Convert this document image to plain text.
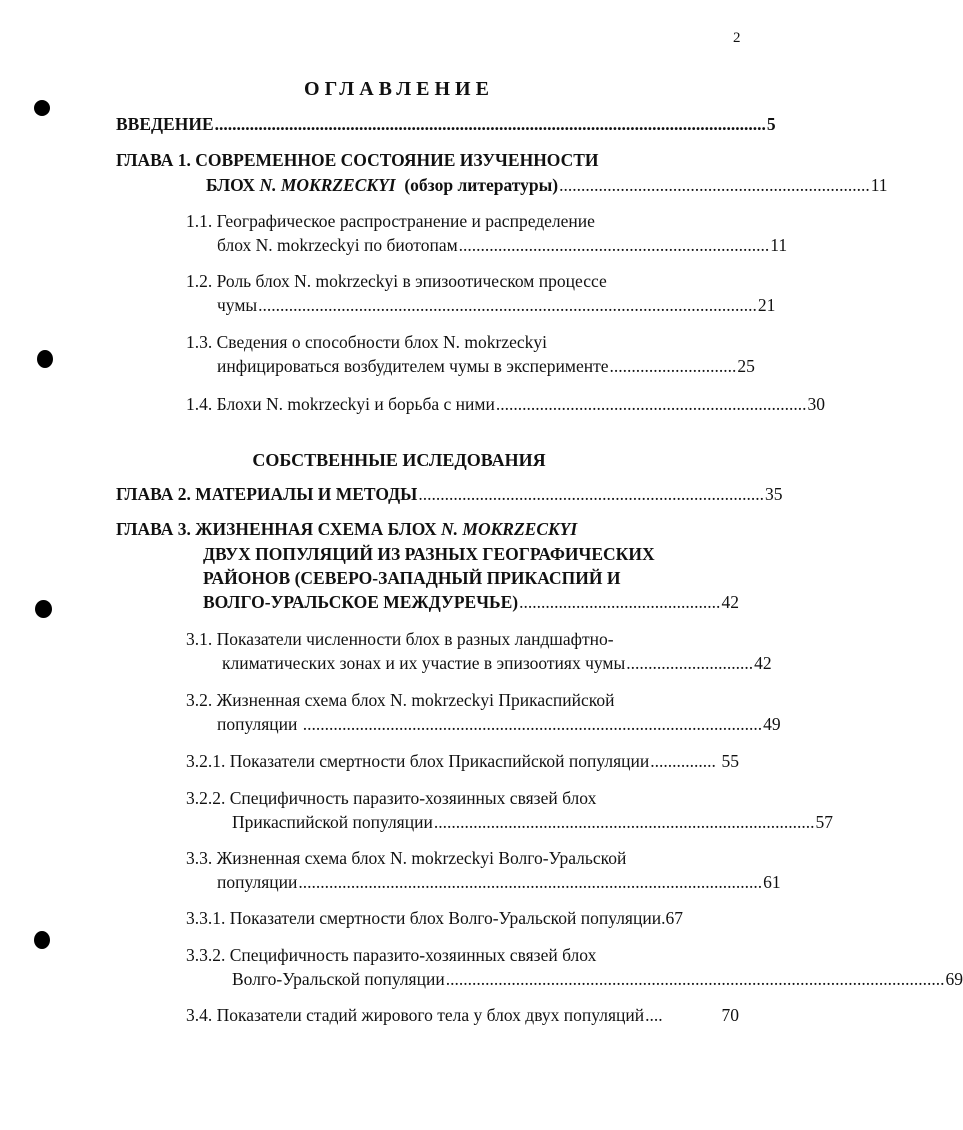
2
ОГЛАВЛЕНИЕ
ВВЕДЕНИЕ .............................................................................................................................. 5
ГЛАВА 1. СОВРЕМЕННОЕ СОСТОЯНИЕ ИЗУЧЕННОСТИ
БЛОХ
N. MOKRZECKYI
(обзор литературы) ....................................................................... 11
1.1. Географическое распространение и распределение
блох N. mokrzeckyi по биотопам ....................................................................... 11
1.2. Роль блох N. mokrzeckyi в эпизоотическом процессе
чумы .................................................................................................................. 21
1.3. Сведения о способности блох N. mokrzeckyi
инфицироваться возбудителем чумы в эксперименте ............................. 25
1.4. Блохи N. mokrzeckyi и борьба с ними ....................................................................... 30
СОБСТВЕННЫЕ ИСЛЕДОВАНИЯ
ГЛАВА 2. МАТЕРИАЛЫ И МЕТОДЫ ............................................................................... 35
ГЛАВА 3. ЖИЗНЕННАЯ СХЕМА БЛОХ N. MOKRZECKYI
ДВУХ ПОПУЛЯЦИЙ ИЗ РАЗНЫХ ГЕОГРАФИЧЕСКИХ
РАЙОНОВ (СЕВЕРО-ЗАПАДНЫЙ ПРИКАСПИЙ И
ВОЛГО-УРАЛЬСКОЕ МЕЖДУРЕЧЬЕ) .............................................. 42
3.1. Показатели численности блох в разных ландшафтно-
климатических зонах и их участие в эпизоотиях чумы ............................. 42
3.2. Жизненная схема блох N. mokrzeckyi Прикаспийской
популяции ......................................................................................................... 49
3.2.1. Показатели смертности блох Прикаспийской популяции ............... 55
3.2.2. Специфичность паразито-хозяинных связей блох
Прикаспийской популяции ....................................................................................... 57
3.3. Жизненная схема блох N. mokrzeckyi Волго-Уральской
популяции .......................................................................................................... 61
3.3.1. Показатели смертности блох Волго-Уральской популяции. 67
3.3.2. Специфичность паразито-хозяинных связей блох
Волго-Уральской популяции .................................................................................................................. 69
3.4. Показатели стадий жирового тела у блох двух популяций ....	70
